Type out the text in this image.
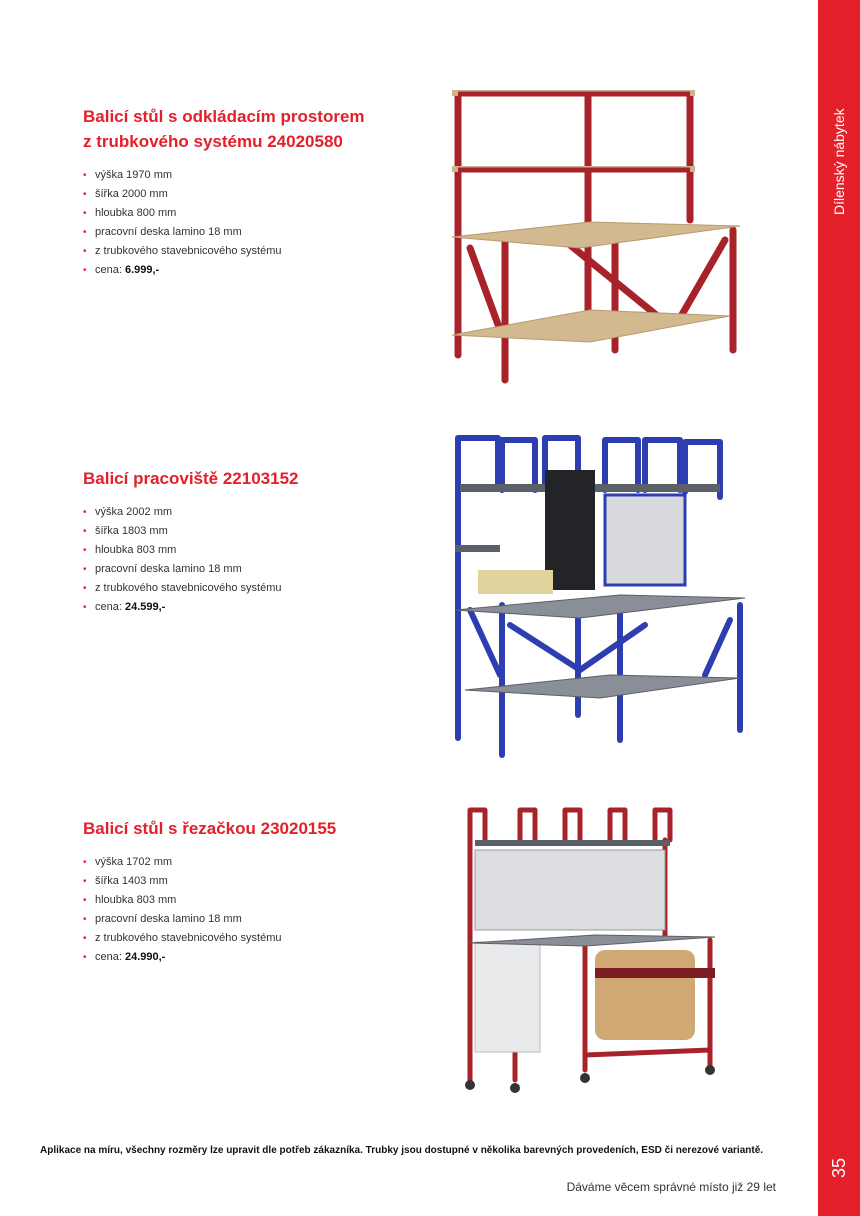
Dílenský nábytek
35
Balicí stůl s odkládacím prostorem
z trubkového systému 24020580
• výška 1970 mm
• šířka 2000 mm
• hloubka 800 mm
• pracovní deska lamino 18 mm
• z trubkového stavebnicového systému
• cena: 6.999,-
Balicí pracoviště 22103152
• výška 2002 mm
• šířka 1803 mm
• hloubka 803 mm
• pracovní deska lamino 18 mm
• z trubkového stavebnicového systému
• cena: 24.599,-
Balicí stůl s řezačkou 23020155
• výška 1702 mm
• šířka 1403 mm
• hloubka 803 mm
• pracovní deska lamino 18 mm
• z trubkového stavebnicového systému
• cena: 24.990,-
Aplikace na míru, všechny rozměry lze upravit dle potřeb zákazníka. Trubky jsou dostupné v několika barevných provedeních, ESD či nerezové variantě.
Dáváme věcem správné místo již 29 let
